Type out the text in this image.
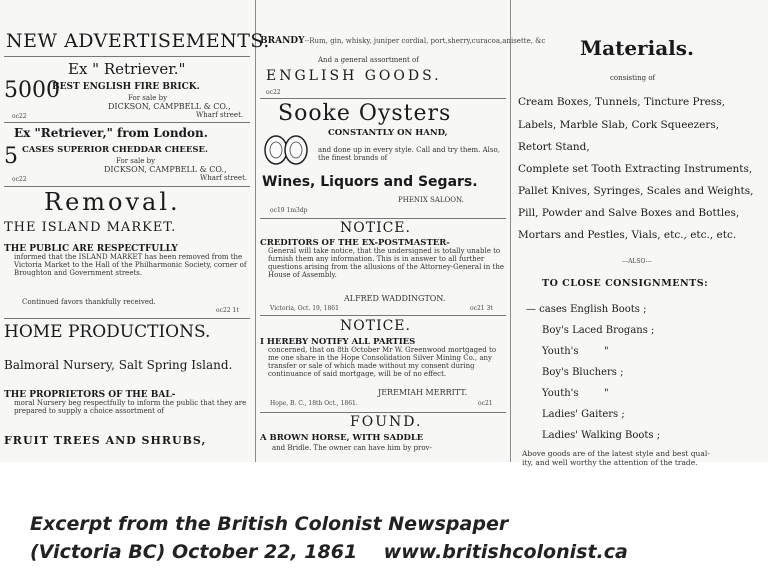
NEW ADVERTISEMENTS.
Ex " Retriever."
5000
BEST ENGLISH FIRE BRICK.
For sale by
DICKSON, CAMPBELL & CO.,
oc22	Wharf street.
Ex "Retriever," from London.
5 CASES SUPERIOR CHEDDAR CHEESE.
For sale by
DICKSON, CAMPBELL & CO.,
oc22	Wharf street.
Removal.
THE ISLAND MARKET.
THE PUBLIC ARE RESPECTFULLY
informed that the ISLAND MARKET has been removed from the Victoria Market to the Hall of the Philharmonic Society, corner of Broughton and Government streets.
Continued favors thankfully received.
oc22 1t
HOME PRODUCTIONS.
Balmoral Nursery, Salt Spring Island.
THE PROPRIETORS OF THE BAL-
moral Nursery beg respectfully to inform the public that they are prepared to supply a choice assortment of
FRUIT TREES AND SHRUBS,
BRANDY--Rum, gin, whisky, juniper cordial, port,sherry,curacoa,anisette, &c
And a general assortment of
ENGLISH GOODS.
oc22
Sooke Oysters
CONSTANTLY ON HAND,
and done up in every style. Call and try them. Also, the finest brands of
Wines, Liquors and Segars.
PHENIX SALOON.
oc19 1m3dp
NOTICE.
CREDITORS OF THE EX-POSTMASTER-
General will take notice, that the undersigned is totally unable to furnish them any information. This is in answer to all further questions arising from the allusions of the Attorney-General in the House of Assembly.
ALFRED WADDINGTON.
Victoria, Oct. 19, 1861	oc21 3t
NOTICE.
I HEREBY NOTIFY ALL PARTIES
concerned, that on 8th October Mr W. Greenwood mortgaged to me one share in the Hope Consolidation Silver Mining Co., any transfer or sale of which made without my consent during continuance of said mortgage, will be of no effect.
JEREMIAH MERRITT.
Hope, B. C., 18th Oct., 1861.	oc21
FOUND.
A BROWN HORSE, WITH SADDLE
and Bridle. The owner can have him by prov-
Materials.
consisting of
Cream Boxes, Tunnels, Tincture Press,
Labels, Marble Slab, Cork Squeezers,
Retort Stand,
Complete set Tooth Extracting Instruments,
Pallet Knives, Syringes, Scales and Weights,
Pill, Powder and Salve Boxes and Bottles,
Mortars and Pestles, Vials, etc., etc., etc.
---ALSO---
TO CLOSE CONSIGNMENTS:
— cases English Boots ;
Boy's Laced Brogans ;
Youth's        "
Boy's Bluchers ;
Youth's        "
Ladies' Gaiters ;
Ladies' Walking Boots ;
Above goods are of the latest style and best qual-
ity, and well worthy the attention of the trade.
Excerpt from the British Colonist Newspaper
(Victoria BC) October 22, 1861    www.britishcolonist.ca
